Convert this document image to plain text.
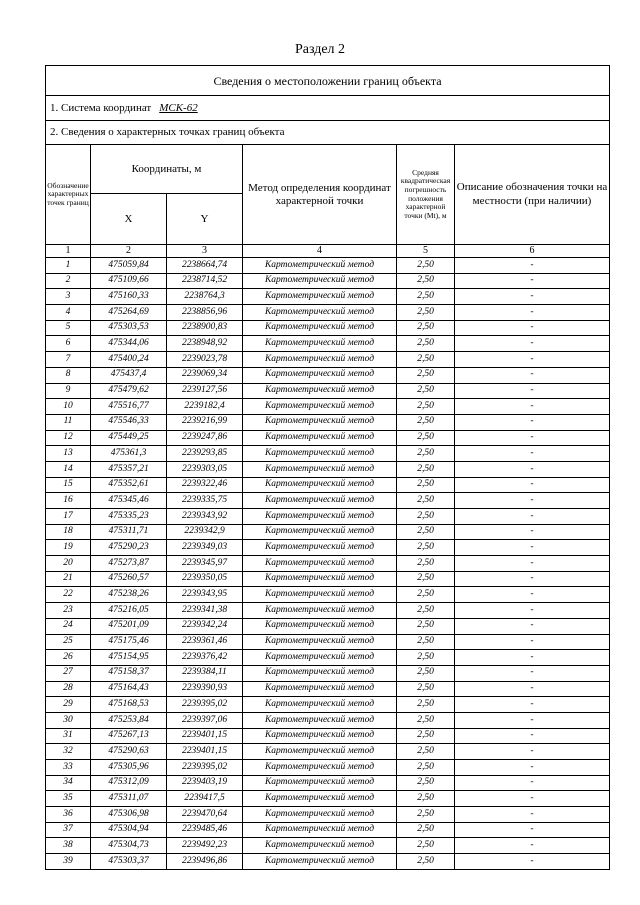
Раздел 2
Сведения о местоположении границ объекта					
1. Система координат МСК-62					
2. Сведения о характерных точках границ объекта					
Обозначение характерных точек границ	Координаты, м		Метод определения координат характерной точки	Средняя квадратическая погрешность положения характерной точки (Mt), м	Описание обозначения точки на местности (при наличии)
	X	Y			
1	2	3	4	5	6
1	475059,84	2238664,74	Картометрический метод	2,50	-
2	475109,66	2238714,52	Картометрический метод	2,50	-
3	475160,33	2238764,3	Картометрический метод	2,50	-
4	475264,69	2238856,96	Картометрический метод	2,50	-
5	475303,53	2238900,83	Картометрический метод	2,50	-
6	475344,06	2238948,92	Картометрический метод	2,50	-
7	475400,24	2239023,78	Картометрический метод	2,50	-
8	475437,4	2239069,34	Картометрический метод	2,50	-
9	475479,62	2239127,56	Картометрический метод	2,50	-
10	475516,77	2239182,4	Картометрический метод	2,50	-
11	475546,33	2239216,99	Картометрический метод	2,50	-
12	475449,25	2239247,86	Картометрический метод	2,50	-
13	475361,3	2239293,85	Картометрический метод	2,50	-
14	475357,21	2239303,05	Картометрический метод	2,50	-
15	475352,61	2239322,46	Картометрический метод	2,50	-
16	475345,46	2239335,75	Картометрический метод	2,50	-
17	475335,23	2239343,92	Картометрический метод	2,50	-
18	475311,71	2239342,9	Картометрический метод	2,50	-
19	475290,23	2239349,03	Картометрический метод	2,50	-
20	475273,87	2239345,97	Картометрический метод	2,50	-
21	475260,57	2239350,05	Картометрический метод	2,50	-
22	475238,26	2239343,95	Картометрический метод	2,50	-
23	475216,05	2239341,38	Картометрический метод	2,50	-
24	475201,09	2239342,24	Картометрический метод	2,50	-
25	475175,46	2239361,46	Картометрический метод	2,50	-
26	475154,95	2239376,42	Картометрический метод	2,50	-
27	475158,37	2239384,11	Картометрический метод	2,50	-
28	475164,43	2239390,93	Картометрический метод	2,50	-
29	475168,53	2239395,02	Картометрический метод	2,50	-
30	475253,84	2239397,06	Картометрический метод	2,50	-
31	475267,13	2239401,15	Картометрический метод	2,50	-
32	475290,63	2239401,15	Картометрический метод	2,50	-
33	475305,96	2239395,02	Картометрический метод	2,50	-
34	475312,09	2239403,19	Картометрический метод	2,50	-
35	475311,07	2239417,5	Картометрический метод	2,50	-
36	475306,98	2239470,64	Картометрический метод	2,50	-
37	475304,94	2239485,46	Картометрический метод	2,50	-
38	475304,73	2239492,23	Картометрический метод	2,50	-
39	475303,37	2239496,86	Картометрический метод	2,50	-
